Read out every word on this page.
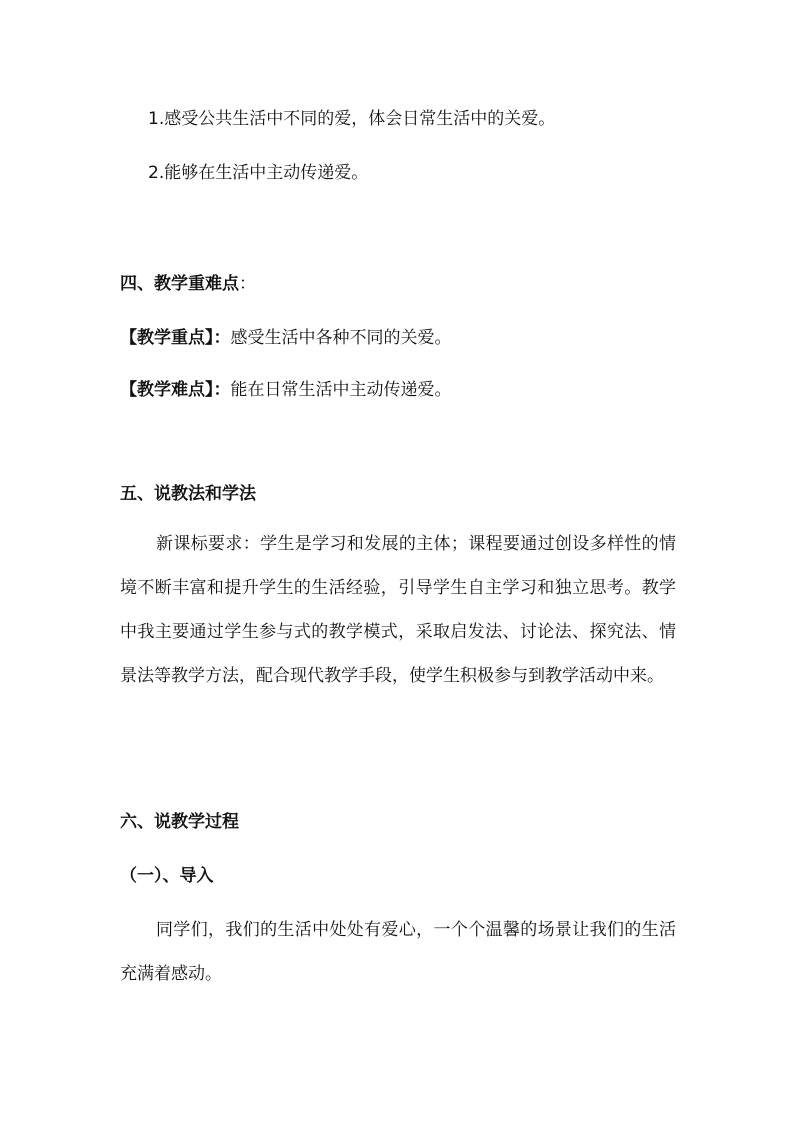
1.感受公共生活中不同的爱，体会日常生活中的关爱。
2.能够在生活中主动传递爱。
四、教学重难点：
【教学重点】：感受生活中各种不同的关爱。
【教学难点】：能在日常生活中主动传递爱。
五、说教法和学法

新课标要求：学生是学习和发展的主体；课程要通过创设多样性的情境不断丰富和提升学生的生活经验，引导学生自主学习和独立思考。教学中我主要通过学生参与式的教学模式，采取启发法、讨论法、探究法、情景法等教学方法，配合现代教学手段，使学生积极参与到教学活动中来。

六、说教学过程
（一）、导入

同学们，我们的生活中处处有爱心，一个个温馨的场景让我们的生活充满着感动。
